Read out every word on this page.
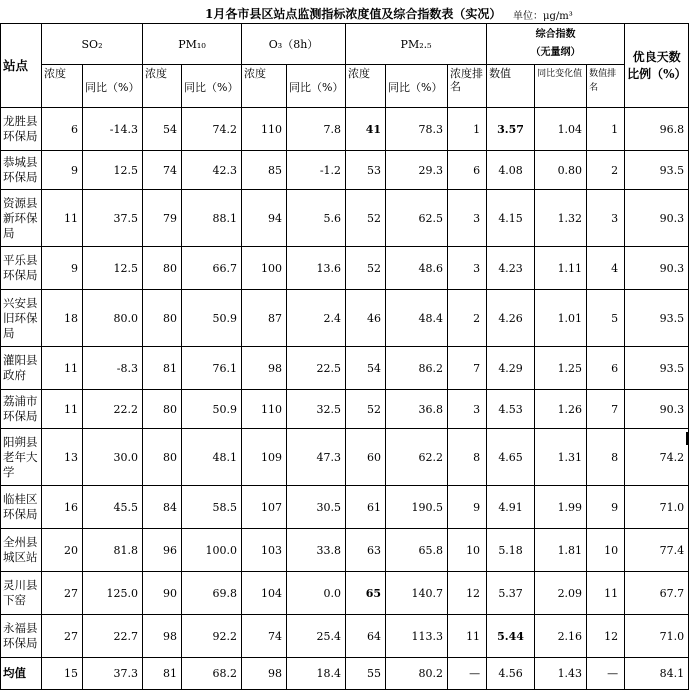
1月各市县区站点监测指标浓度值及综合指数表（实况） 单位：μg/m³
站点	SO₂		PM₁₀		O₃（8h）		PM₂.₅			综合指数
（无量纲）			优良天数比例（%）
	浓度	同比（%）	浓度	同比（%）	浓度	同比（%）	浓度	同比（%）	浓度排名	数值	同比变化值	数值排名	
龙胜县环保局	6	-14.3	54	74.2	110	7.8	41	78.3	1	3.57	1.04	1	96.8
恭城县环保局	9	12.5	74	42.3	85	-1.2	53	29.3	6	4.08	0.80	2	93.5
资源县新环保局	11	37.5	79	88.1	94	5.6	52	62.5	3	4.15	1.32	3	90.3
平乐县环保局	9	12.5	80	66.7	100	13.6	52	48.6	3	4.23	1.11	4	90.3
兴安县旧环保局	18	80.0	80	50.9	87	2.4	46	48.4	2	4.26	1.01	5	93.5
灌阳县政府	11	-8.3	81	76.1	98	22.5	54	86.2	7	4.29	1.25	6	93.5
荔浦市环保局	11	22.2	80	50.9	110	32.5	52	36.8	3	4.53	1.26	7	90.3
阳朔县老年大学	13	30.0	80	48.1	109	47.3	60	62.2	8	4.65	1.31	8	74.2
临桂区环保局	16	45.5	84	58.5	107	30.5	61	190.5	9	4.91	1.99	9	71.0
全州县城区站	20	81.8	96	100.0	103	33.8	63	65.8	10	5.18	1.81	10	77.4
灵川县下窑	27	125.0	90	69.8	104	0.0	65	140.7	12	5.37	2.09	11	67.7
永福县环保局	27	22.7	98	92.2	74	25.4	64	113.3	11	5.44	2.16	12	71.0
均值	15	37.3	81	68.2	98	18.4	55	80.2	—	4.56	1.43	—	84.1
